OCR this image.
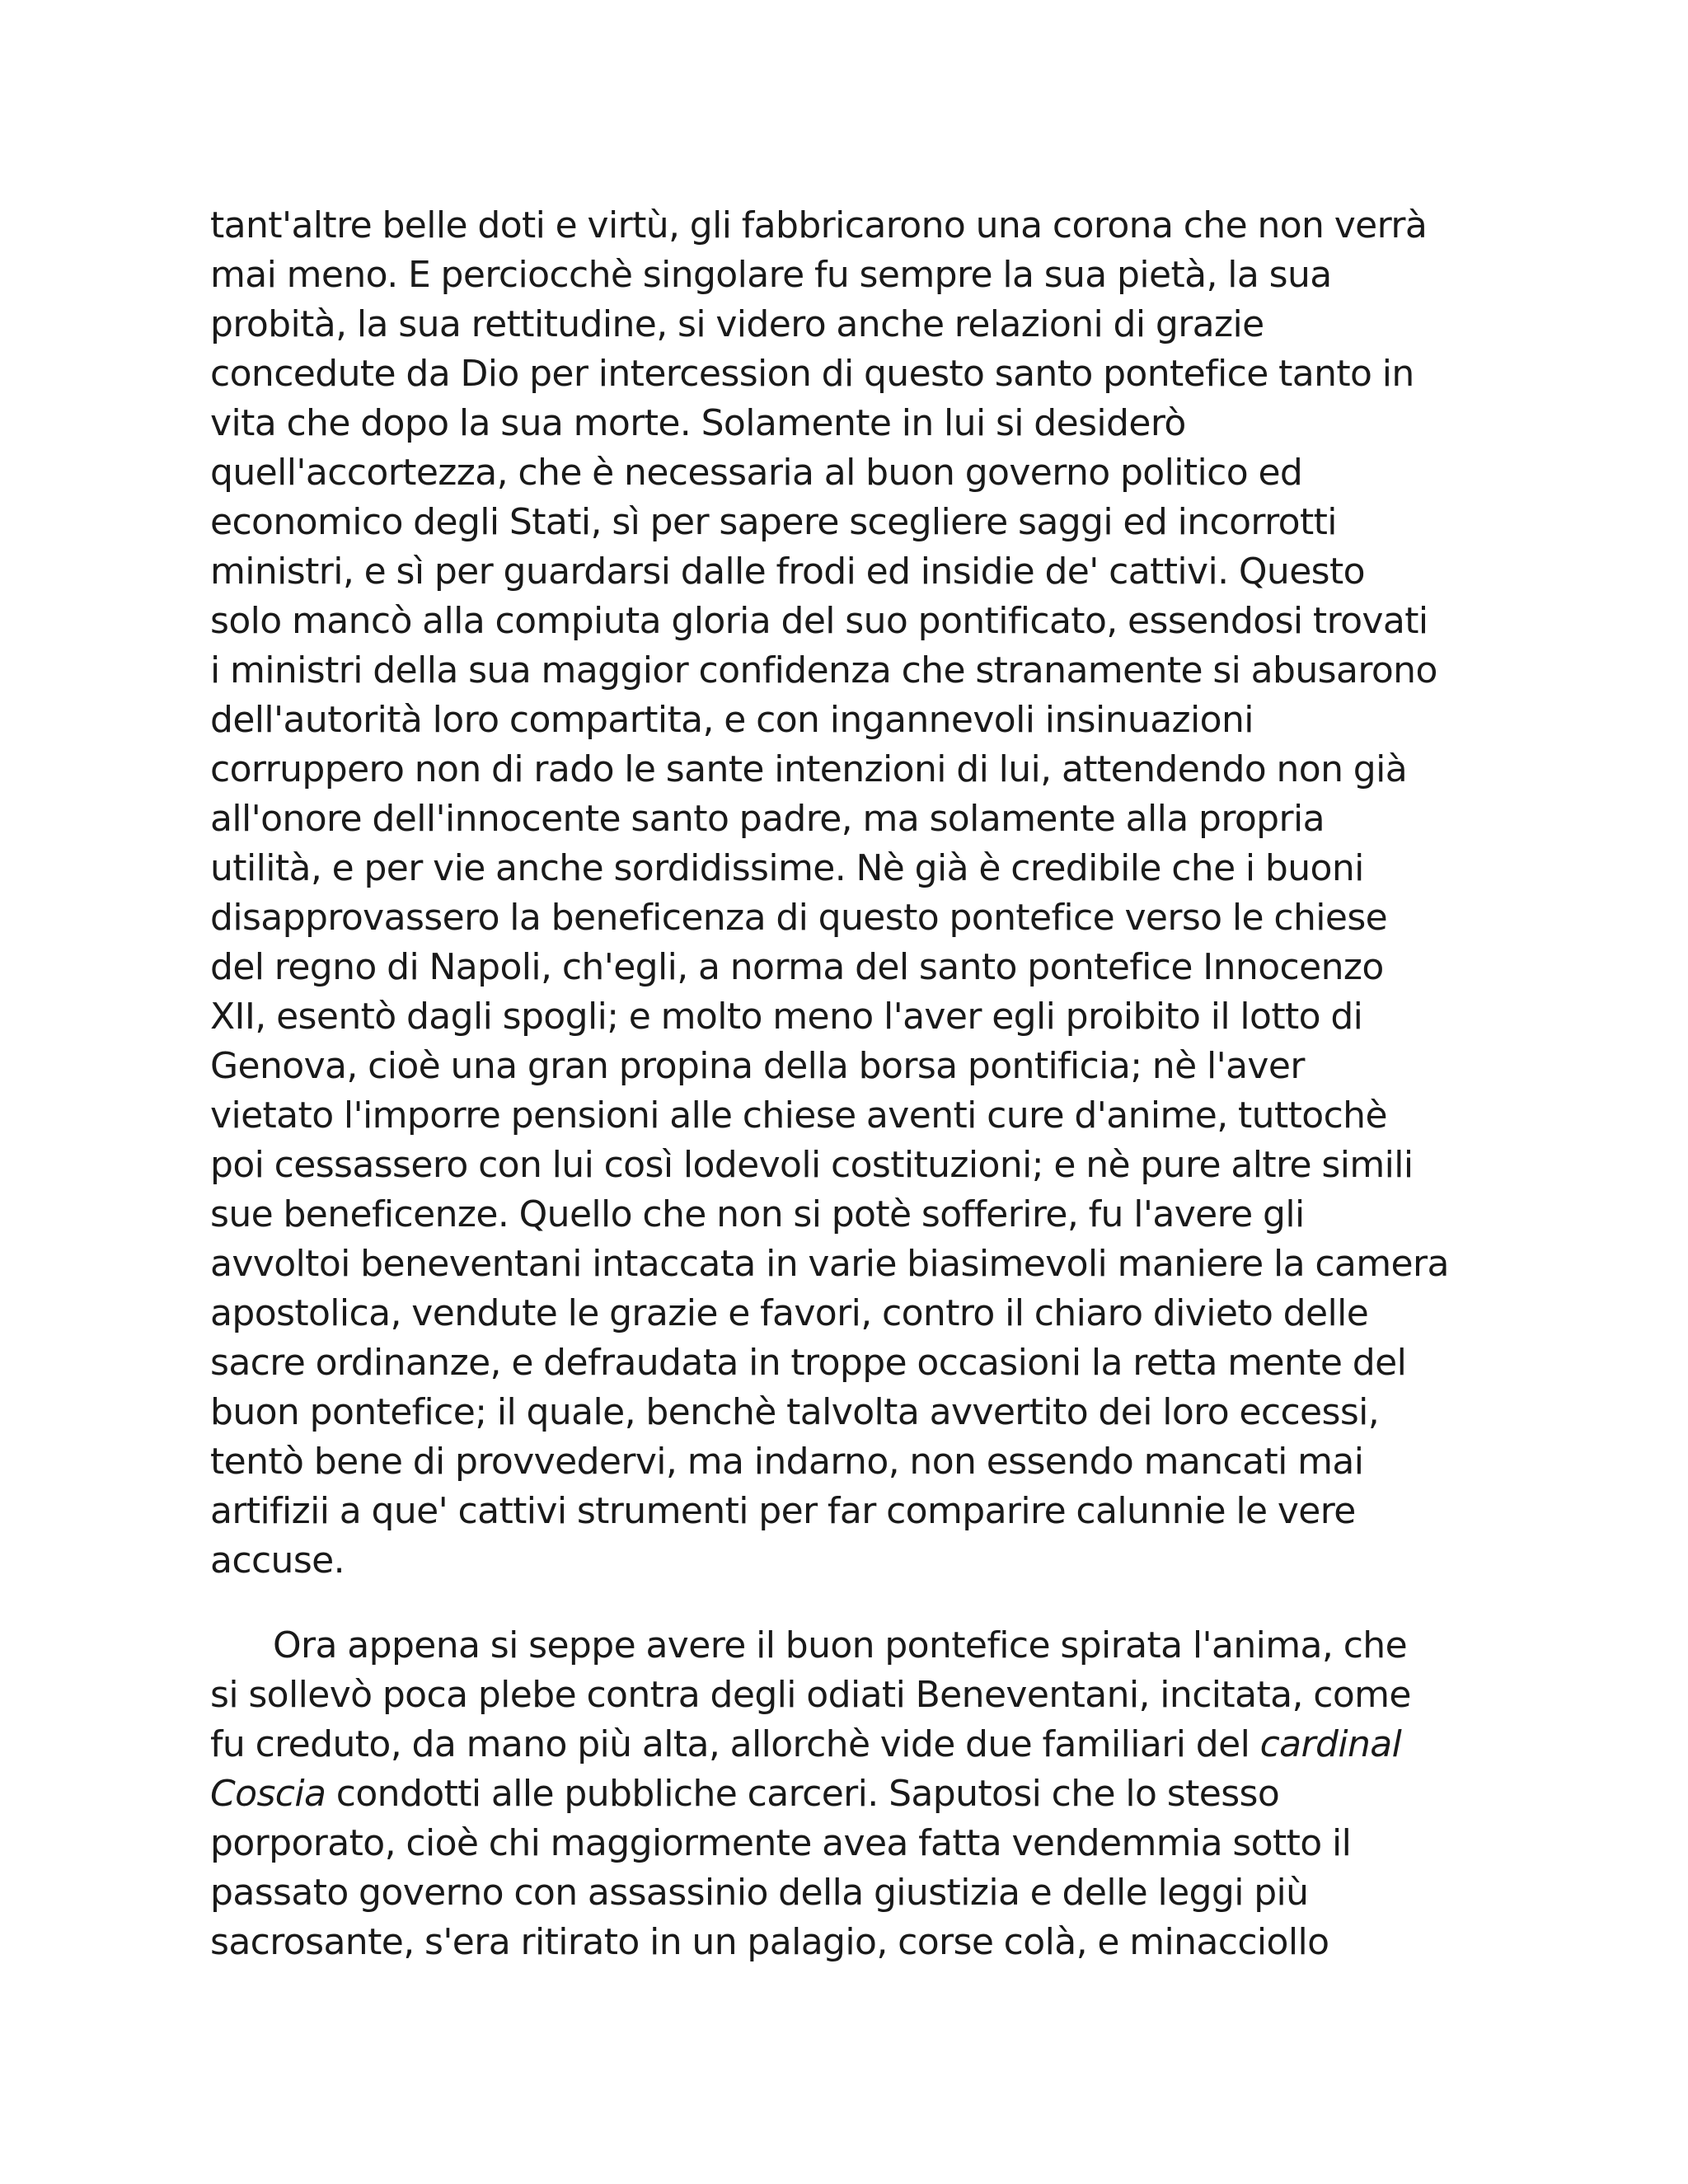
tant'altre belle doti e virtù, gli fabbricarono una corona che non verrà
mai meno. E perciocchè singolare fu sempre la sua pietà, la sua
probità, la sua rettitudine, si videro anche relazioni di grazie
concedute da Dio per intercession di questo santo pontefice tanto in
vita che dopo la sua morte. Solamente in lui si desiderò
quell'accortezza, che è necessaria al buon governo politico ed
economico degli Stati, sì per sapere scegliere saggi ed incorrotti
ministri, e sì per guardarsi dalle frodi ed insidie de' cattivi. Questo
solo mancò alla compiuta gloria del suo pontificato, essendosi trovati
i ministri della sua maggior confidenza che stranamente si abusarono
dell'autorità loro compartita, e con ingannevoli insinuazioni
corruppero non di rado le sante intenzioni di lui, attendendo non già
all'onore dell'innocente santo padre, ma solamente alla propria
utilità, e per vie anche sordidissime. Nè già è credibile che i buoni
disapprovassero la beneficenza di questo pontefice verso le chiese
del regno di Napoli, ch'egli, a norma del santo pontefice Innocenzo
XII, esentò dagli spogli; e molto meno l'aver egli proibito il lotto di
Genova, cioè una gran propina della borsa pontificia; nè l'aver
vietato l'imporre pensioni alle chiese aventi cure d'anime, tuttochè
poi cessassero con lui così lodevoli costituzioni; e nè pure altre simili
sue beneficenze. Quello che non si potè sofferire, fu l'avere gli
avvoltoi beneventani intaccata in varie biasimevoli maniere la camera
apostolica, vendute le grazie e favori, contro il chiaro divieto delle
sacre ordinanze, e defraudata in troppe occasioni la retta mente del
buon pontefice; il quale, benchè talvolta avvertito dei loro eccessi,
tentò bene di provvedervi, ma indarno, non essendo mancati mai
artifizii a que' cattivi strumenti per far comparire calunnie le vere
accuse.
Ora appena si seppe avere il buon pontefice spirata l'anima, che
si sollevò poca plebe contra degli odiati Beneventani, incitata, come
fu creduto, da mano più alta, allorchè vide due familiari del cardinal
Coscia condotti alle pubbliche carceri. Saputosi che lo stesso
porporato, cioè chi maggiormente avea fatta vendemmia sotto il
passato governo con assassinio della giustizia e delle leggi più
sacrosante, s'era ritirato in un palagio, corse colà, e minacciollo
